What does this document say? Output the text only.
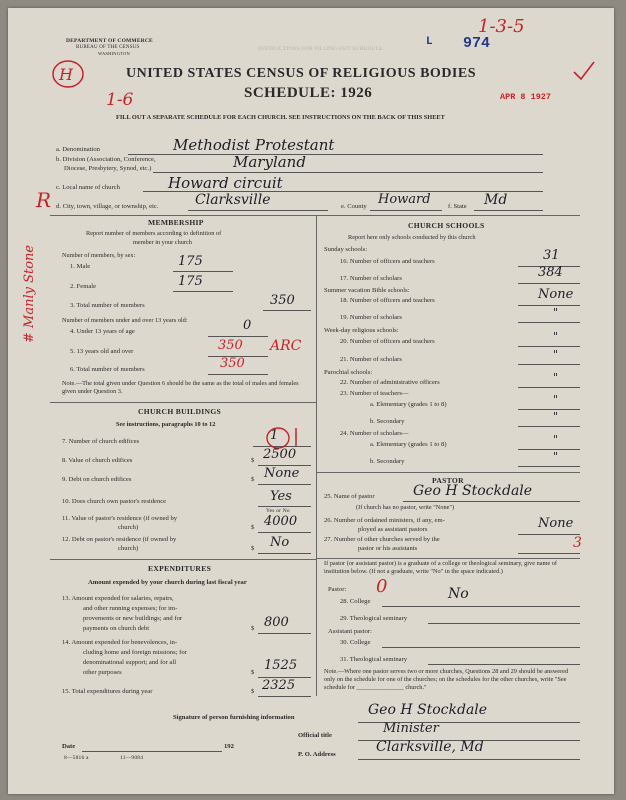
DEPARTMENT OF COMMERCE
BUREAU OF THE CENSUS
WASHINGTON
INSTRUCTIONS FOR FILLING OUT SCHEDULE
L 974
1-3-5
H	UNITED STATES CENSUS OF RELIGIOUS BODIES
SCHEDULE: 1926
1-6	APR 8 1927
FILL OUT A SEPARATE SCHEDULE FOR EACH CHURCH. SEE INSTRUCTIONS ON THE BACK OF THIS SHEET
a. Denomination	Methodist Protestant
b. Division (Association, Conference,
Diocese, Presbytery, Synod, etc.)	Maryland
c. Local name of church	Howard circuit
R d. City, town, village, or township, etc.	Clarksville	e. County Howard	f. State Md
MEMBERSHIP
Report number of members according to definition of
member in your church
Number of members, by sex:
1. Male	175
2. Female	175
3. Total number of members	350
Number of members under and over 13 years old:
4. Under 13 years of age	0
5. 13 years old and over	350 ARC
6. Total number of members	350
Note.—The total given under Question 6 should be the same as the total of males and females given under Question 3.
# Manly Stone
CHURCH BUILDINGS
See instructions, paragraphs 10 to 12
7. Number of church edifices	1
8. Value of church edifices	$ 2500
9. Debt on church edifices	$ None
10. Does church own pastor's residence	Yes
Yes or No
11. Value of pastor's residence (if owned by
church)	$ 4000
12. Debt on pastor's residence (if owned by
church)	$ No
EXPENDITURES
Amount expended by your church during last fiscal year
13. Amount expended for salaries, repairs,
and other running expenses; for im-
provements or new buildings; and for
payments on church debt	$ 800
14. Amount expended for benevolences, in-
cluding home and foreign missions; for
denominational support; and for all
other purposes	$ 1525
15. Total expenditures during year	$ 2325
CHURCH SCHOOLS
Report here only schools conducted by this church
Sunday schools:
16. Number of officers and teachers	31
17. Number of scholars	384
Summer vacation Bible schools:
18. Number of officers and teachers	None
19. Number of scholars	"
Week-day religious schools:
20. Number of officers and teachers	"
21. Number of scholars	"
Parochial schools:
22. Number of administrative officers	"
23. Number of teachers—
a. Elementary (grades 1 to 8)	"
b. Secondary	"
24. Number of scholars—
a. Elementary (grades 1 to 8)	"
b. Secondary	"
PASTOR
25. Name of pastor	Geo H Stockdale
(If church has no pastor, write "None")
26. Number of ordained ministers, if any, em-
ployed as assistant pastors	None
27. Number of other churches served by the
pastor or his assistants	3
If pastor (or assistant pastor) is a graduate of a college or theological seminary, give name of institution below. (If not a graduate, write "No" in the space indicated.)
Pastor:
28. College	No
0
29. Theological seminary
Assistant pastor:
30. College
31. Theological seminary
Note.—Where one pastor serves two or more churches, Questions 28 and 29 should be answered only on the schedule for one of the churches; on the schedules for the other churches, write "See schedule for _______________ church."
Signature of person furnishing information	Geo H Stockdale
Official title	Minister
Date	192
P. O. Address	Clarksville, Md
8—5816 a	11—9084
